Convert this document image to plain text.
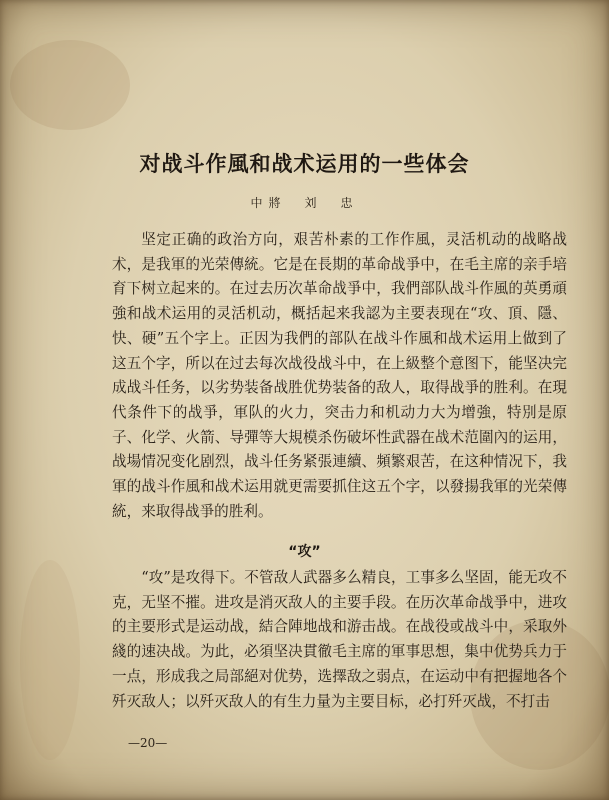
对战斗作風和战术运用的一些体会
中將　刘　忠
坚定正确的政治方向，艰苦朴素的工作作風，灵活机动的战略战术，是我軍的光荣傳統。它是在長期的革命战爭中，在毛主席的亲手培育下树立起来的。在过去历次革命战爭中，我們部队战斗作風的英勇頑強和战术运用的灵活机动，概括起来我認为主要表现在“攻、頂、隱、快、硬”五个字上。正因为我們的部队在战斗作風和战术运用上做到了这五个字，所以在过去每次战役战斗中，在上級整个意图下，能坚决完成战斗任务，以劣势装备战胜优势装备的敌人，取得战爭的胜利。在現代条件下的战爭，軍队的火力，突击力和机动力大为增強，特別是原子、化学、火箭、导彈等大規模杀伤破坏性武器在战术范圍內的运用，战場情况变化剧烈，战斗任务紧張連續、頻繁艰苦，在这种情况下，我軍的战斗作風和战术运用就更需要抓住这五个字，以發揚我軍的光荣傳統，来取得战爭的胜利。
“攻”
“攻”是攻得下。不管敌人武器多么精良，工事多么坚固，能无攻不克，无坚不摧。进攻是消灭敌人的主要手段。在历次革命战爭中，进攻的主要形式是运动战，結合陣地战和游击战。在战役或战斗中，采取外綫的速决战。为此，必須坚决貫徹毛主席的軍事思想，集中优势兵力于一点，形成我之局部絕对优势，选擇敌之弱点，在运动中有把握地各个歼灭敌人；以歼灭敌人的有生力量为主要目标，必打歼灭战，不打击
—20—
